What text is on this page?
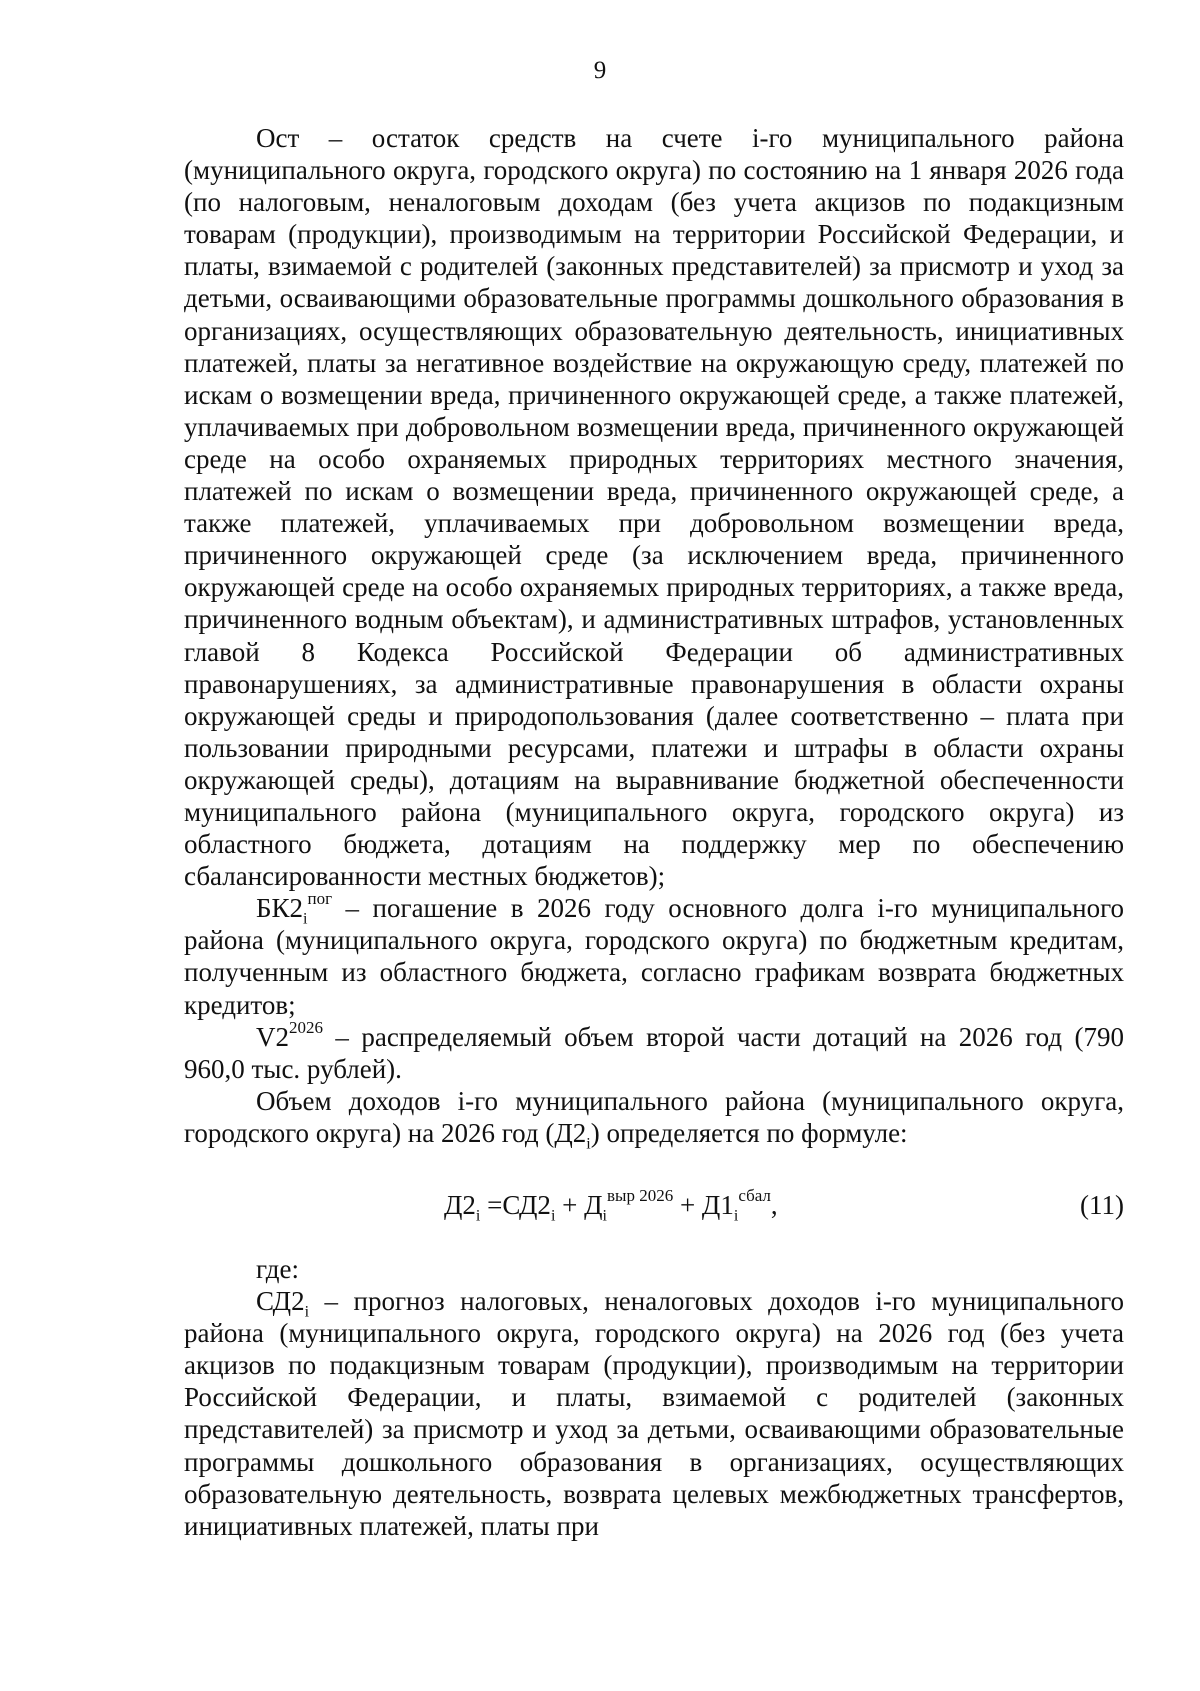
9

Ост – остаток средств на счете i-го муниципального района (муниципального округа, городского округа) по состоянию на 1 января 2026 года (по налоговым, неналоговым доходам (без учета акцизов по подакцизным товарам (продукции), производимым на территории Российской Федерации, и платы, взимаемой с родителей (законных представителей) за присмотр и уход за детьми, осваивающими образовательные программы дошкольного образования в организациях, осуществляющих образовательную деятельность, инициативных платежей, платы за негативное воздействие на окружающую среду, платежей по искам о возмещении вреда, причиненного окружающей среде, а также платежей, уплачиваемых при добровольном возмещении вреда, причиненного окружающей среде на особо охраняемых природных территориях местного значения, платежей по искам о возмещении вреда, причиненного окружающей среде, а также платежей, уплачиваемых при добровольном возмещении вреда, причиненного окружающей среде (за исключением вреда, причиненного окружающей среде на особо охраняемых природных территориях, а также вреда, причиненного водным объектам), и административных штрафов, установленных главой 8 Кодекса Российской Федерации об административных правонарушениях, за административные правонарушения в области охраны окружающей среды и природопользования (далее соответственно – плата при пользовании природными ресурсами, платежи и штрафы в области охраны окружающей среды), дотациям на выравнивание бюджетной обеспеченности муниципального района (муниципального округа, городского округа) из областного бюджета, дотациям на поддержку мер по обеспечению сбалансированности местных бюджетов);

$БК2_i^{пог}$ – погашение в 2026 году основного долга i-го муниципального района (муниципального округа, городского округа) по бюджетным кредитам, полученным из областного бюджета, согласно графикам возврата бюджетных кредитов;

$V2^{2026}$ – распределяемый объем второй части дотаций на 2026 год (790 960,0 тыс. рублей).

Объем доходов i-го муниципального района (муниципального округа, городского округа) на 2026 год $(Д2_i)$ определяется по формуле:

$Д2_i =СД2_i + Д_i^{выр 2026} + Д1_i^{сбал}$,	(11)

где:

$СД2_i$ – прогноз налоговых, неналоговых доходов i-го муниципального района (муниципального округа, городского округа) на 2026 год (без учета акцизов по подакцизным товарам (продукции), производимым на территории Российской Федерации, и платы, взимаемой с родителей (законных представителей) за присмотр и уход за детьми, осваивающими образовательные программы дошкольного образования в организациях, осуществляющих образовательную деятельность, возврата целевых межбюджетных трансфертов, инициативных платежей, платы при
